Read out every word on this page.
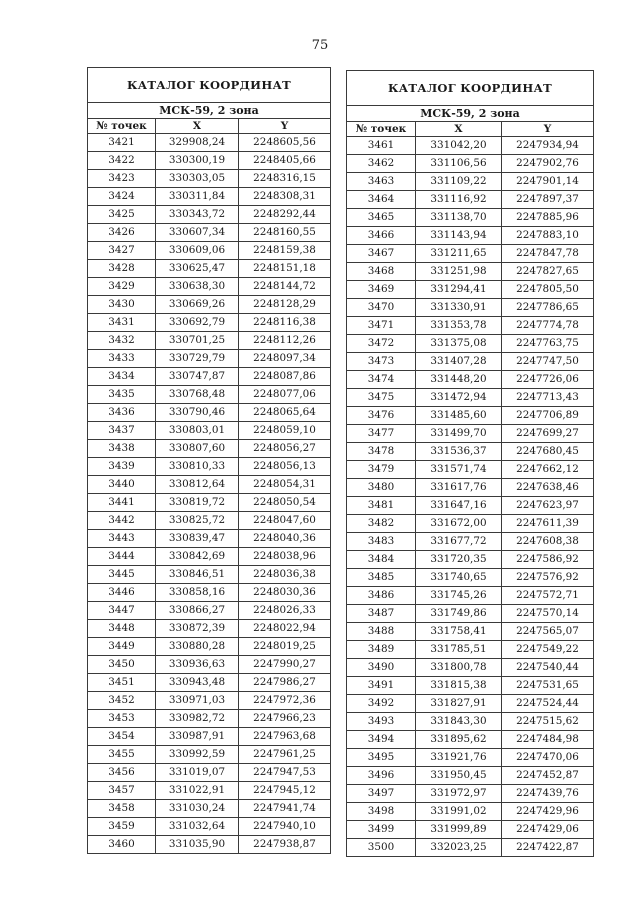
75
КАТАЛОГ КООРДИНАТ		
МСК-59, 2 зона		
№ точек	X	Y
3421	329908,24	2248605,56
3422	330300,19	2248405,66
3423	330303,05	2248316,15
3424	330311,84	2248308,31
3425	330343,72	2248292,44
3426	330607,34	2248160,55
3427	330609,06	2248159,38
3428	330625,47	2248151,18
3429	330638,30	2248144,72
3430	330669,26	2248128,29
3431	330692,79	2248116,38
3432	330701,25	2248112,26
3433	330729,79	2248097,34
3434	330747,87	2248087,86
3435	330768,48	2248077,06
3436	330790,46	2248065,64
3437	330803,01	2248059,10
3438	330807,60	2248056,27
3439	330810,33	2248056,13
3440	330812,64	2248054,31
3441	330819,72	2248050,54
3442	330825,72	2248047,60
3443	330839,47	2248040,36
3444	330842,69	2248038,96
3445	330846,51	2248036,38
3446	330858,16	2248030,36
3447	330866,27	2248026,33
3448	330872,39	2248022,94
3449	330880,28	2248019,25
3450	330936,63	2247990,27
3451	330943,48	2247986,27
3452	330971,03	2247972,36
3453	330982,72	2247966,23
3454	330987,91	2247963,68
3455	330992,59	2247961,25
3456	331019,07	2247947,53
3457	331022,91	2247945,12
3458	331030,24	2247941,74
3459	331032,64	2247940,10
3460	331035,90	2247938,87
КАТАЛОГ КООРДИНАТ		
МСК-59, 2 зона		
№ точек	X	Y
3461	331042,20	2247934,94
3462	331106,56	2247902,76
3463	331109,22	2247901,14
3464	331116,92	2247897,37
3465	331138,70	2247885,96
3466	331143,94	2247883,10
3467	331211,65	2247847,78
3468	331251,98	2247827,65
3469	331294,41	2247805,50
3470	331330,91	2247786,65
3471	331353,78	2247774,78
3472	331375,08	2247763,75
3473	331407,28	2247747,50
3474	331448,20	2247726,06
3475	331472,94	2247713,43
3476	331485,60	2247706,89
3477	331499,70	2247699,27
3478	331536,37	2247680,45
3479	331571,74	2247662,12
3480	331617,76	2247638,46
3481	331647,16	2247623,97
3482	331672,00	2247611,39
3483	331677,72	2247608,38
3484	331720,35	2247586,92
3485	331740,65	2247576,92
3486	331745,26	2247572,71
3487	331749,86	2247570,14
3488	331758,41	2247565,07
3489	331785,51	2247549,22
3490	331800,78	2247540,44
3491	331815,38	2247531,65
3492	331827,91	2247524,44
3493	331843,30	2247515,62
3494	331895,62	2247484,98
3495	331921,76	2247470,06
3496	331950,45	2247452,87
3497	331972,97	2247439,76
3498	331991,02	2247429,96
3499	331999,89	2247429,06
3500	332023,25	2247422,87
